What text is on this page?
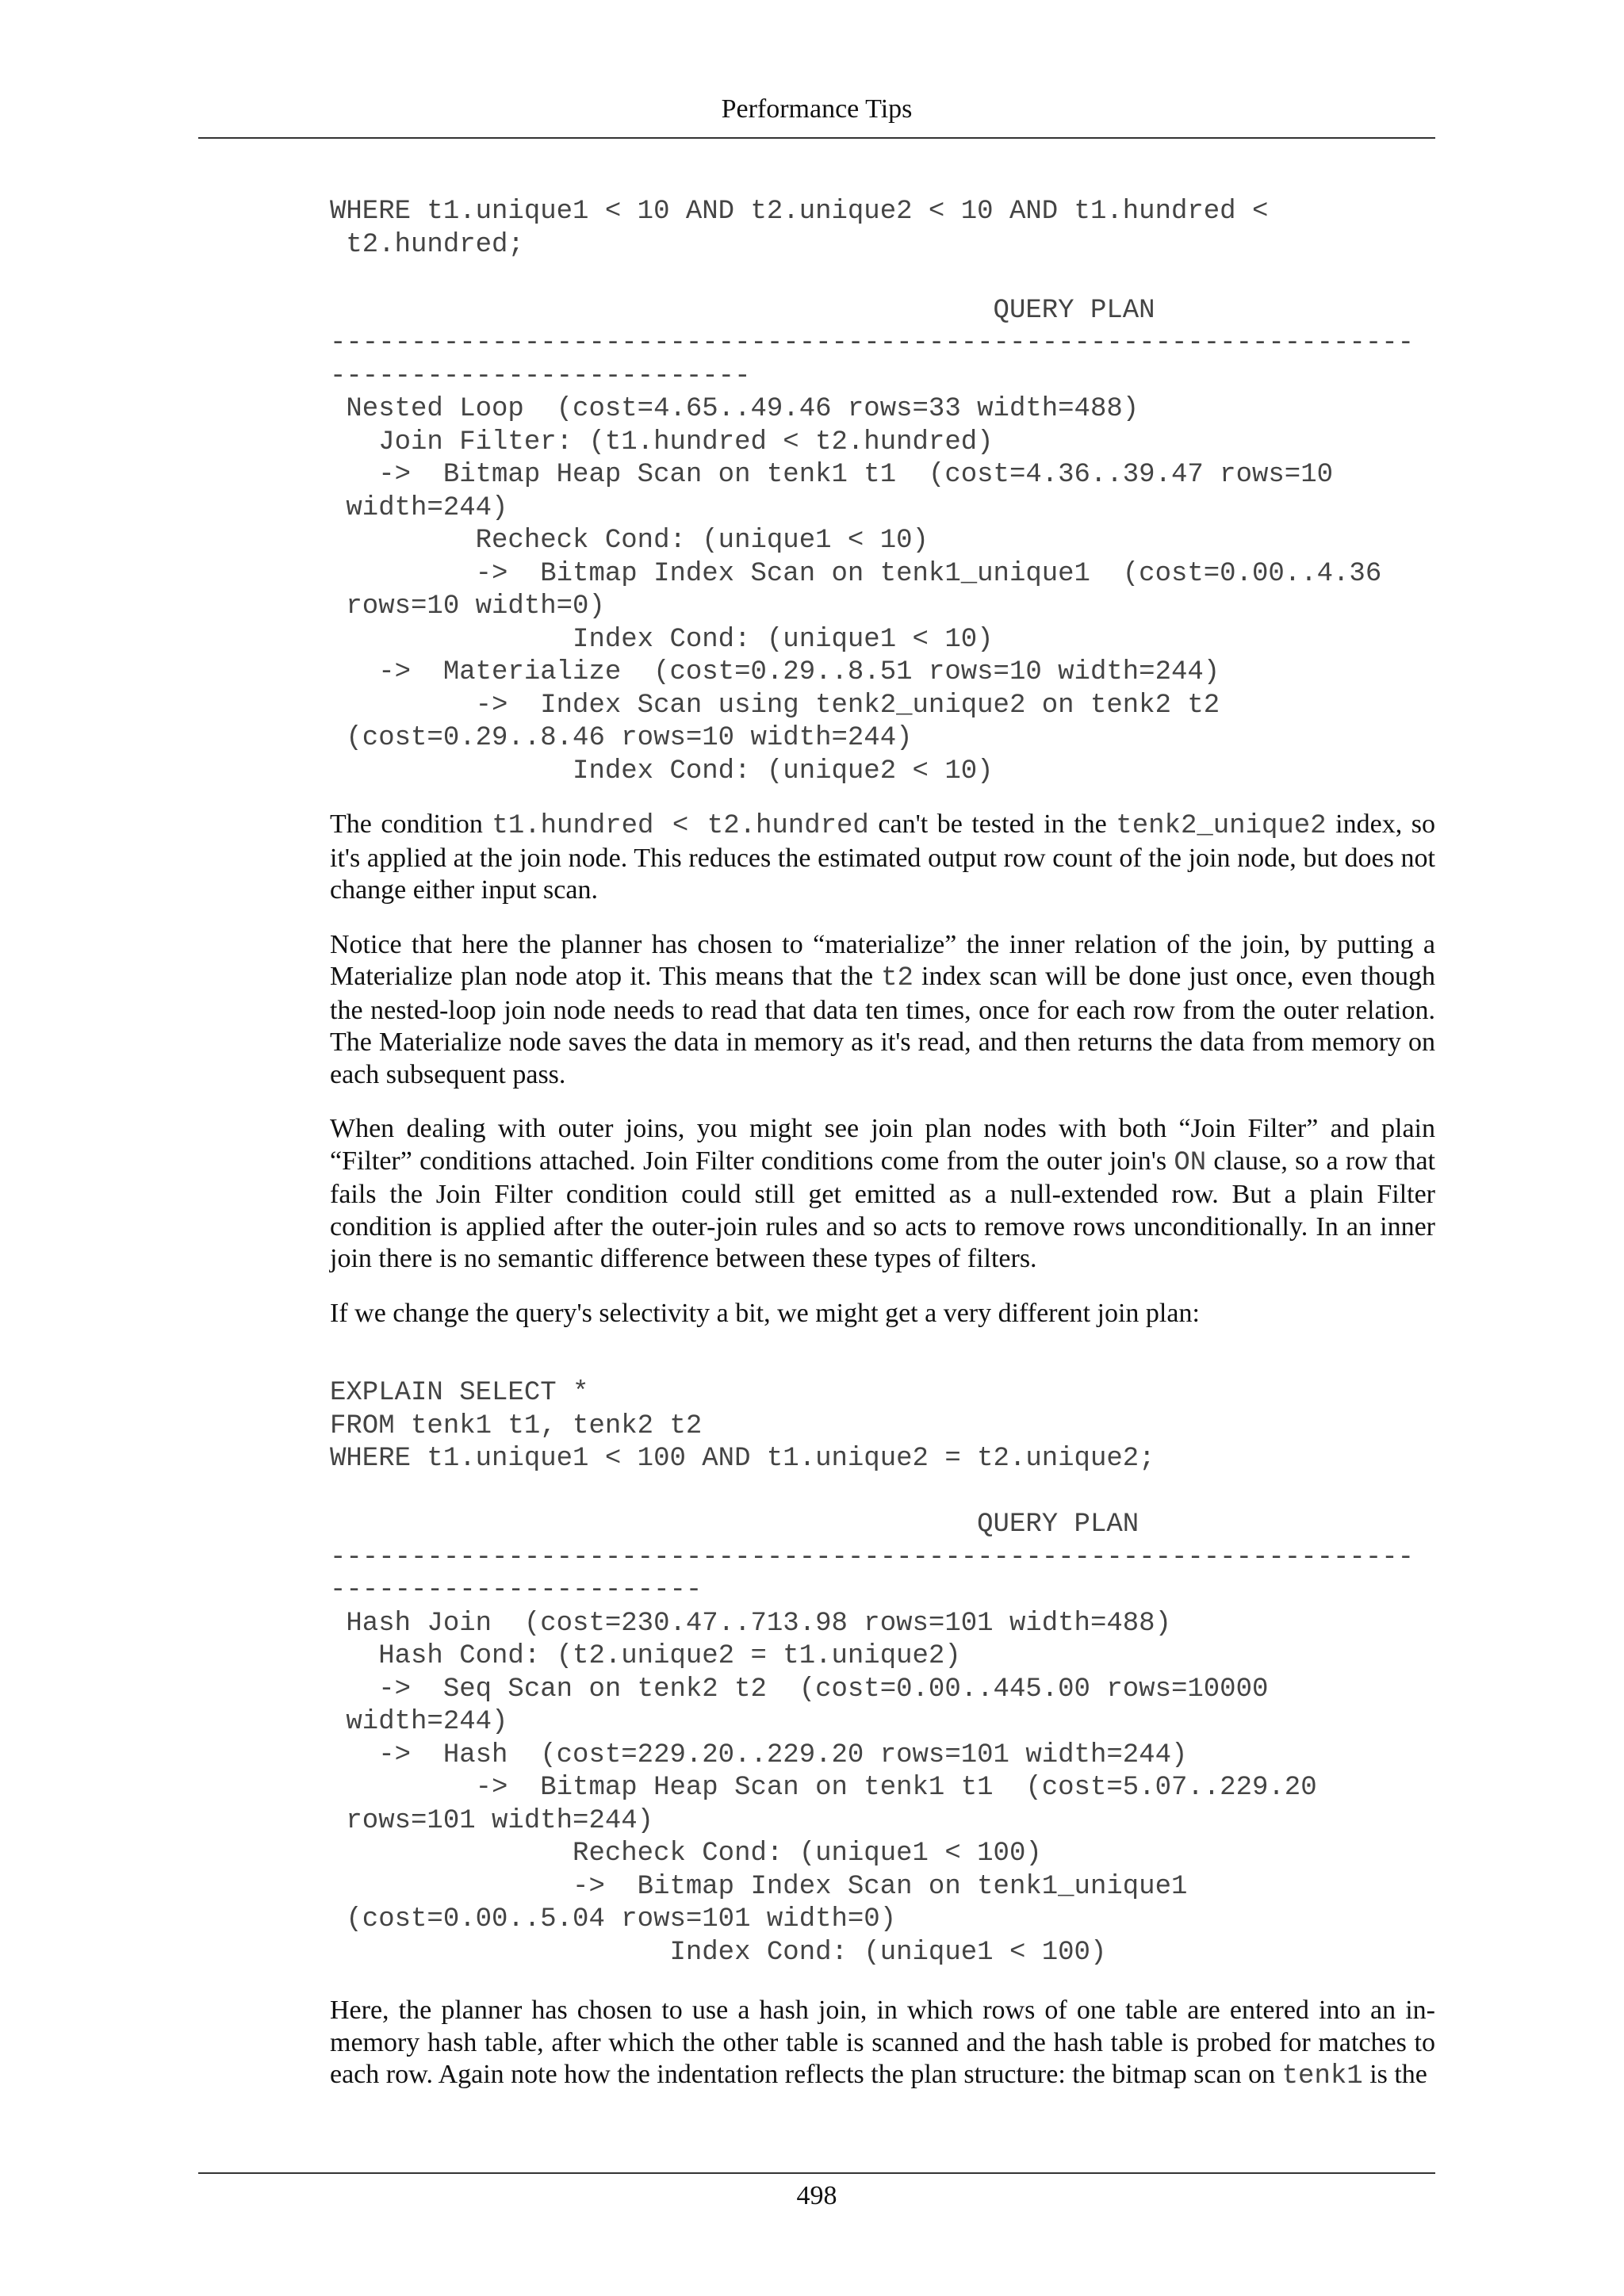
Performance Tips
WHERE t1.unique1 < 10 AND t2.unique2 < 10 AND t1.hundred <
t2.hundred;

QUERY PLAN
-------------------------------------------------------------------
--------------------------
Nested Loop  (cost=4.65..49.46 rows=33 width=488)
Join Filter: (t1.hundred < t2.hundred)
->  Bitmap Heap Scan on tenk1 t1  (cost=4.36..39.47 rows=10
width=244)
Recheck Cond: (unique1 < 10)
->  Bitmap Index Scan on tenk1_unique1  (cost=0.00..4.36
rows=10 width=0)
Index Cond: (unique1 < 10)
->  Materialize  (cost=0.29..8.51 rows=10 width=244)
->  Index Scan using tenk2_unique2 on tenk2 t2
(cost=0.29..8.46 rows=10 width=244)
Index Cond: (unique2 < 10)

The condition t1.hundred < t2.hundred can't be tested in the tenk2_unique2 index, so it's applied at the join node. This reduces the estimated output row count of the join node, but does not change either input scan.

Notice that here the planner has chosen to “materialize” the inner relation of the join, by putting a Materialize plan node atop it. This means that the t2 index scan will be done just once, even though the nested-loop join node needs to read that data ten times, once for each row from the outer relation. The Materialize node saves the data in memory as it's read, and then returns the data from memory on each subsequent pass.

When dealing with outer joins, you might see join plan nodes with both “Join Filter” and plain “Filter” conditions attached. Join Filter conditions come from the outer join's ON clause, so a row that fails the Join Filter condition could still get emitted as a null-extended row. But a plain Filter condition is applied after the outer-join rules and so acts to remove rows unconditionally. In an inner join there is no semantic difference between these types of filters.

If we change the query's selectivity a bit, we might get a very different join plan:

EXPLAIN SELECT *
FROM tenk1 t1, tenk2 t2
WHERE t1.unique1 < 100 AND t1.unique2 = t2.unique2;

QUERY PLAN
-------------------------------------------------------------------
-----------------------
Hash Join  (cost=230.47..713.98 rows=101 width=488)
Hash Cond: (t2.unique2 = t1.unique2)
->  Seq Scan on tenk2 t2  (cost=0.00..445.00 rows=10000
width=244)
->  Hash  (cost=229.20..229.20 rows=101 width=244)
->  Bitmap Heap Scan on tenk1 t1  (cost=5.07..229.20
rows=101 width=244)
Recheck Cond: (unique1 < 100)
->  Bitmap Index Scan on tenk1_unique1
(cost=0.00..5.04 rows=101 width=0)
Index Cond: (unique1 < 100)

Here, the planner has chosen to use a hash join, in which rows of one table are entered into an in-memory hash table, after which the other table is scanned and the hash table is probed for matches to each row. Again note how the indentation reflects the plan structure: the bitmap scan on tenk1 is the

498
